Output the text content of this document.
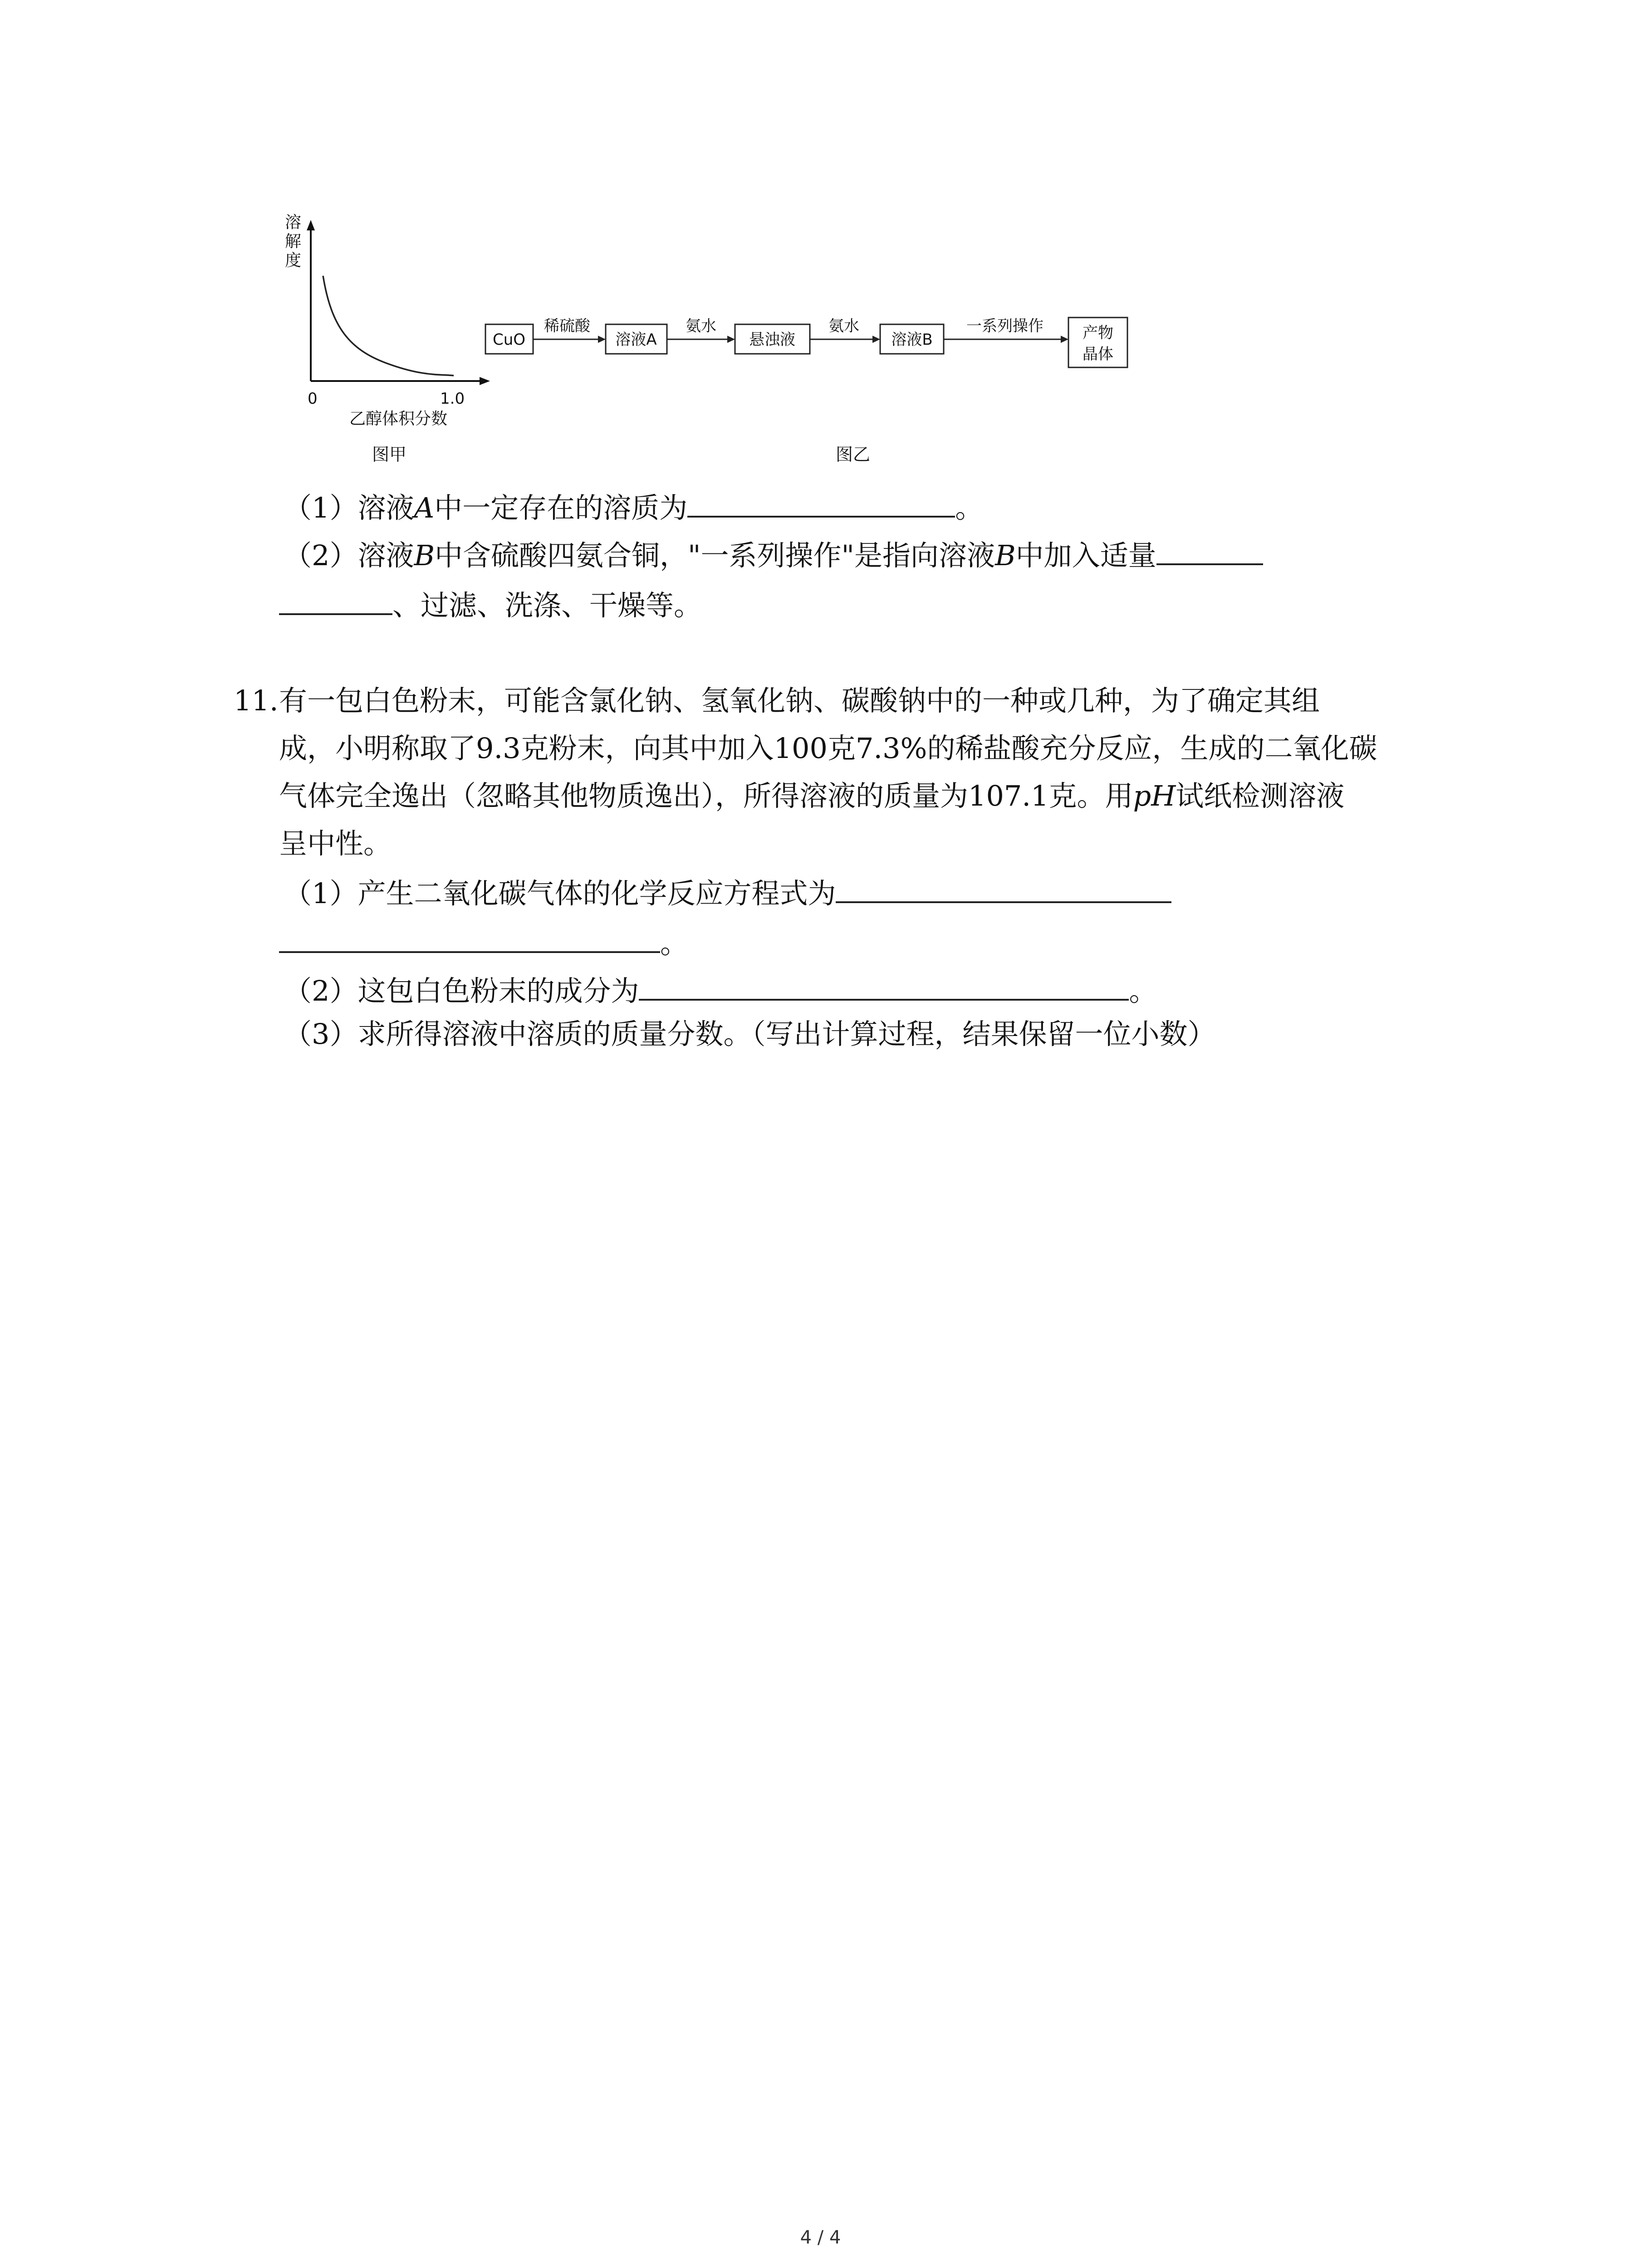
溶
解
度
0	1.0
乙醇体积分数
图甲
CuO
稀硫酸
溶液A
氨水
悬浊液
氨水
溶液B
一系列操作	产物
晶体
图乙
（1）溶液A中一定存在的溶质为	。
（2）溶液B中含硫酸四氨合铜，"一系列操作"是指向溶液B中加入适量
、过滤、洗涤、干燥等。
11. 有一包白色粉末，可能含氯化钠、氢氧化钠、碳酸钠中的一种或几种，为了确定其组
成，小明称取了9.3克粉末，向其中加入100克7.3%的稀盐酸充分反应，生成的二氧化碳
气体完全逸出（忽略其他物质逸出），所得溶液的质量为107.1克。用pH试纸检测溶液
呈中性。
（1）产生二氧化碳气体的化学反应方程式为
。
（2）这包白色粉末的成分为	。
（3）求所得溶液中溶质的质量分数。（写出计算过程，结果保留一位小数）
4 / 4
